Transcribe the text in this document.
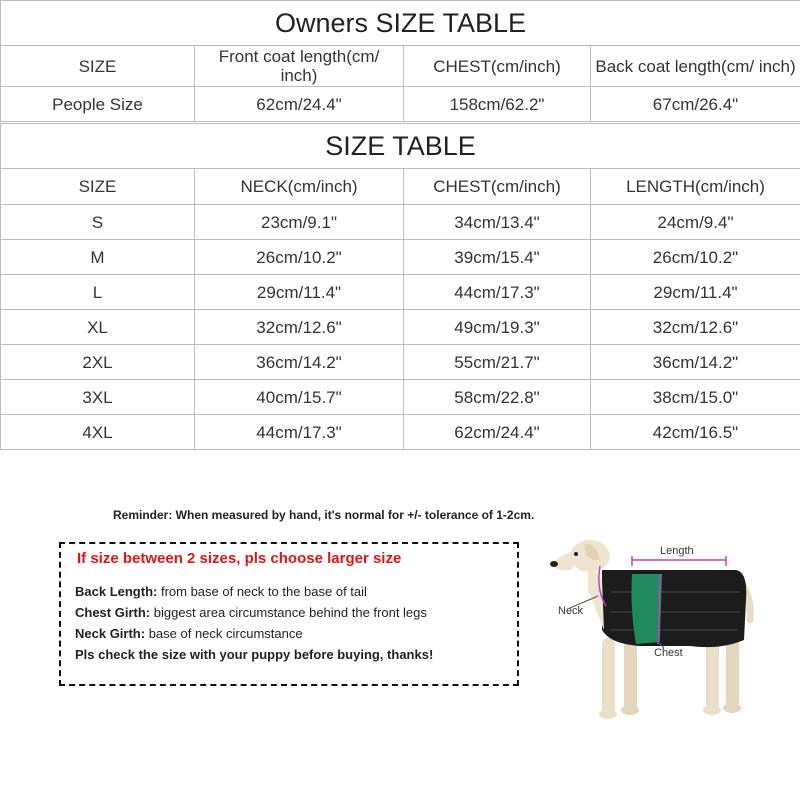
Owners SIZE TABLE			
SIZE	Front coat length(cm/ inch)	CHEST(cm/inch)	Back coat length(cm/ inch)
People Size	62cm/24.4"	158cm/62.2"	67cm/26.4"
SIZE TABLE			
SIZE	NECK(cm/inch)	CHEST(cm/inch)	LENGTH(cm/inch)
S	23cm/9.1"	34cm/13.4"	24cm/9.4"
M	26cm/10.2"	39cm/15.4"	26cm/10.2"
L	29cm/11.4"	44cm/17.3"	29cm/11.4"
XL	32cm/12.6"	49cm/19.3"	32cm/12.6"
2XL	36cm/14.2"	55cm/21.7"	36cm/14.2"
3XL	40cm/15.7"	58cm/22.8"	38cm/15.0"
4XL	44cm/17.3"	62cm/24.4"	42cm/16.5"
Reminder: When measured by hand, it's normal for +/- tolerance of 1-2cm.
If size between 2 sizes, pls choose larger size
Back Length: from base of neck to the base of tail
Chest Girth: biggest area circumstance behind the front legs
Neck Girth: base of neck circumstance
Pls check the size with your puppy before buying, thanks!
Length
Neck
Chest
